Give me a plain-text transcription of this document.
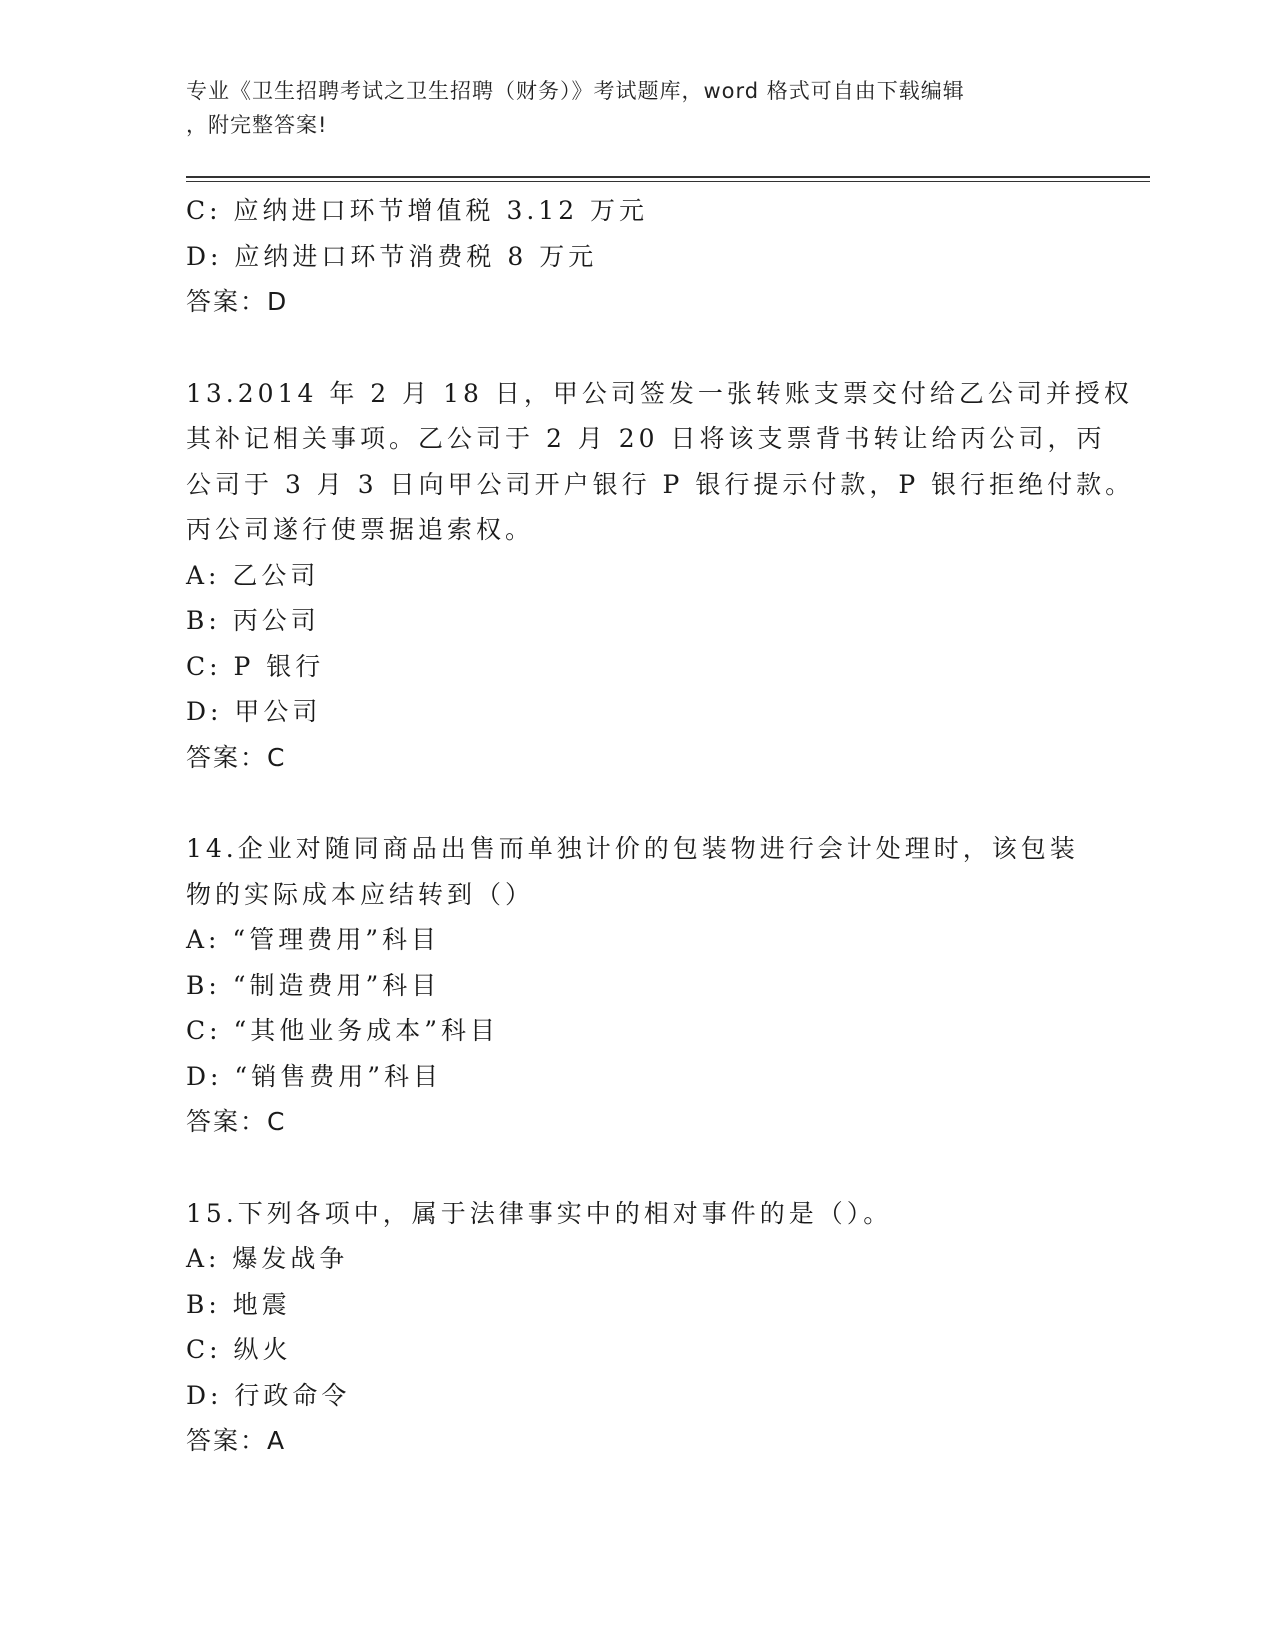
专业《卫生招聘考试之卫生招聘（财务）》考试题库，word 格式可自由下载编辑
，附完整答案!
C: 应纳进口环节增值税 3.12 万元
D: 应纳进口环节消费税 8 万元
答案：D
13.2014 年 2 月 18 日，甲公司签发一张转账支票交付给乙公司并授权
其补记相关事项。乙公司于 2 月 20 日将该支票背书转让给丙公司，丙
公司于 3 月 3 日向甲公司开户银行 P 银行提示付款，P 银行拒绝付款。
丙公司遂行使票据追索权。
A: 乙公司
B: 丙公司
C: P 银行
D: 甲公司
答案：C
14.企业对随同商品出售而单独计价的包装物进行会计处理时，该包装
物的实际成本应结转到（）
A: “管理费用”科目
B: “制造费用”科目
C: “其他业务成本”科目
D: “销售费用”科目
答案：C
15.下列各项中，属于法律事实中的相对事件的是（）。
A: 爆发战争
B: 地震
C: 纵火
D: 行政命令
答案：A
